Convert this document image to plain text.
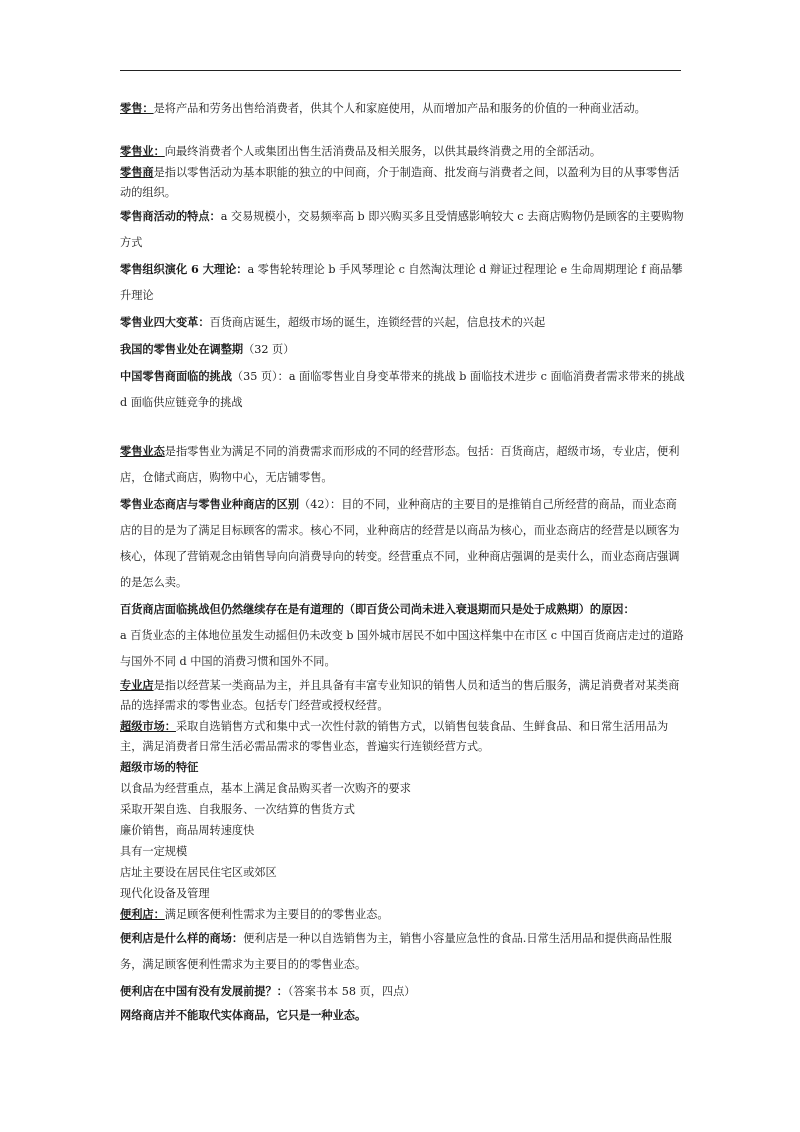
零售：是将产品和劳务出售给消费者，供其个人和家庭使用，从而增加产品和服务的价值的一种商业活动。

零售业：向最终消费者个人或集团出售生活消费品及相关服务，以供其最终消费之用的全部活动。

零售商是指以零售活动为基本职能的独立的中间商，介于制造商、批发商与消费者之间，以盈利为目的从事零售活动的组织。

零售商活动的特点：a 交易规模小，交易频率高 b 即兴购买多且受情感影响较大 c 去商店购物仍是顾客的主要购物方式

零售组织演化 6 大理论：a 零售轮转理论 b 手风琴理论 c 自然淘汰理论 d 辩证过程理论 e 生命周期理论 f 商品攀升理论

零售业四大变革：百货商店诞生，超级市场的诞生，连锁经营的兴起，信息技术的兴起

我国的零售业处在调整期（32 页）

中国零售商面临的挑战（35 页）：a 面临零售业自身变革带来的挑战 b 面临技术进步 c 面临消费者需求带来的挑战 d 面临供应链竞争的挑战

零售业态是指零售业为满足不同的消费需求而形成的不同的经营形态。包括：百货商店，超级市场，专业店，便利店，仓储式商店，购物中心，无店铺零售。

零售业态商店与零售业种商店的区别（42）：目的不同，业种商店的主要目的是推销自己所经营的商品，而业态商店的目的是为了满足目标顾客的需求。核心不同，业种商店的经营是以商品为核心，而业态商店的经营是以顾客为核心，体现了营销观念由销售导向向消费导向的转变。经营重点不同，业种商店强调的是卖什么，而业态商店强调的是怎么卖。

百货商店面临挑战但仍然继续存在是有道理的（即百货公司尚未进入衰退期而只是处于成熟期）的原因：
a 百货业态的主体地位虽发生动摇但仍未改变 b 国外城市居民不如中国这样集中在市区 c 中国百货商店走过的道路与国外不同 d 中国的消费习惯和国外不同。

专业店是指以经营某一类商品为主，并且具备有丰富专业知识的销售人员和适当的售后服务，满足消费者对某类商品的选择需求的零售业态。包括专门经营或授权经营。

超级市场：采取自选销售方式和集中式一次性付款的销售方式，以销售包装食品、生鲜食品、和日常生活用品为主，满足消费者日常生活必需品需求的零售业态，普遍实行连锁经营方式。

超级市场的特征

以食品为经营重点，基本上满足食品购买者一次购齐的要求

采取开架自选、自我服务、一次结算的售货方式

廉价销售，商品周转速度快

具有一定规模

店址主要设在居民住宅区或郊区

现代化设备及管理

便利店：满足顾客便利性需求为主要目的的零售业态。

便利店是什么样的商场：便利店是一种以自选销售为主，销售小容量应急性的食品.日常生活用品和提供商品性服务，满足顾客便利性需求为主要目的的零售业态。

便利店在中国有没有发展前提？：（答案书本 58 页，四点）

网络商店并不能取代实体商品，它只是一种业态。
